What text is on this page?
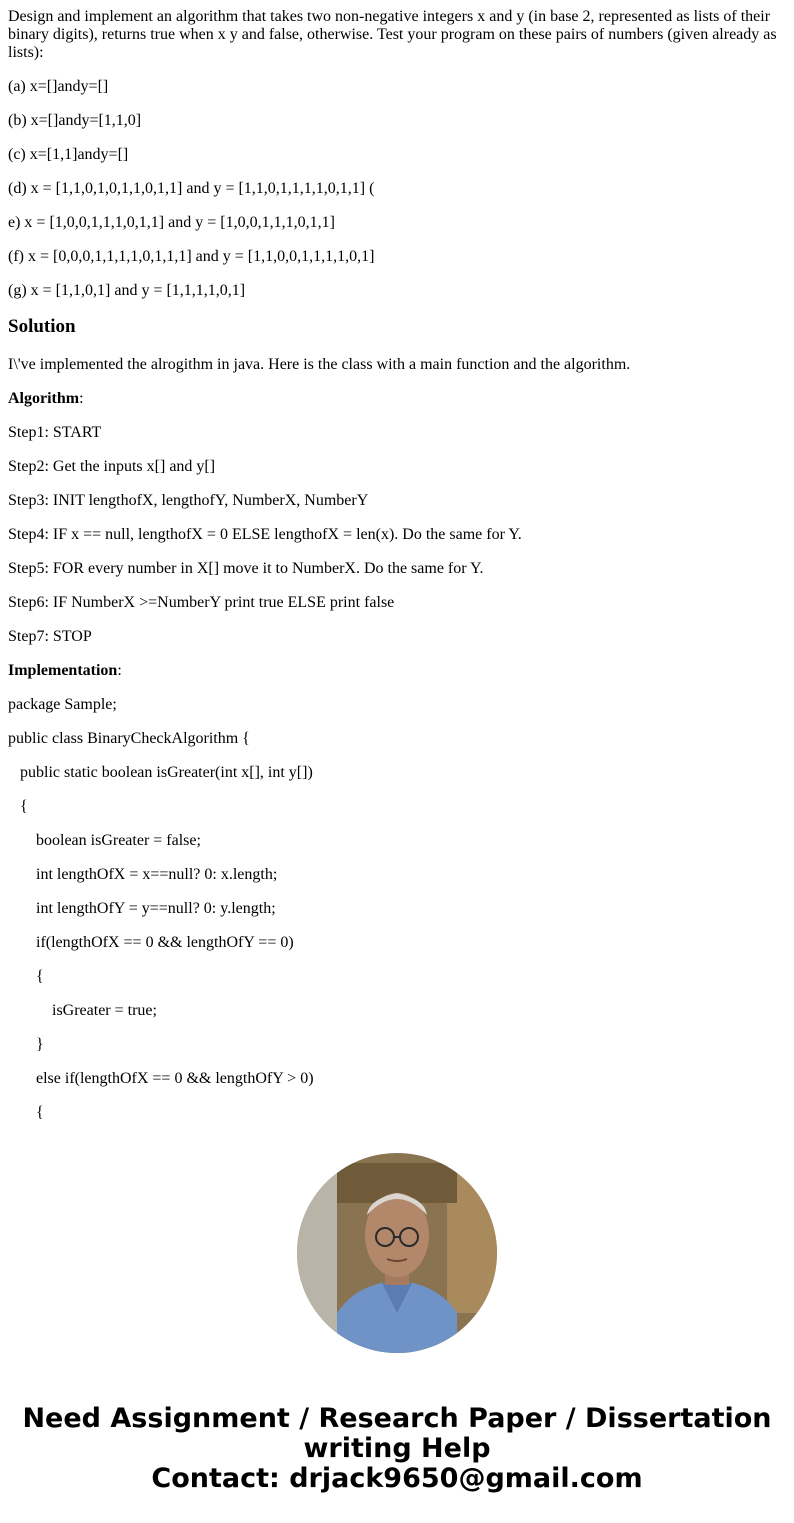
Design and implement an algorithm that takes two non-negative integers x and y (in base 2, represented as lists of their binary digits), returns true when x y and false, otherwise. Test your program on these pairs of numbers (given already as lists):

(a) x=[]andy=[]

(b) x=[]andy=[1,1,0]

(c) x=[1,1]andy=[]

(d) x = [1,1,0,1,0,1,1,0,1,1] and y = [1,1,0,1,1,1,1,0,1,1] (

e) x = [1,0,0,1,1,1,0,1,1] and y = [1,0,0,1,1,1,0,1,1]

(f) x = [0,0,0,1,1,1,1,0,1,1,1] and y = [1,1,0,0,1,1,1,1,0,1]

(g) x = [1,1,0,1] and y = [1,1,1,1,0,1]

Solution

I\'ve implemented the alrogithm in java. Here is the class with a main function and the algorithm.

Algorithm:

Step1: START

Step2: Get the inputs x[] and y[]

Step3: INIT lengthofX, lengthofY, NumberX, NumberY

Step4: IF x == null, lengthofX = 0 ELSE lengthofX = len(x). Do the same for Y.

Step5: FOR every number in X[] move it to NumberX. Do the same for Y.

Step6: IF NumberX >=NumberY print true ELSE print false

Step7: STOP

Implementation:

package Sample;

public class BinaryCheckAlgorithm {

public static boolean isGreater(int x[], int y[])

{

boolean isGreater = false;

int lengthOfX = x==null? 0: x.length;

int lengthOfY = y==null? 0: y.length;

if(lengthOfX == 0 && lengthOfY == 0)

{

isGreater = true;

}

else if(lengthOfX == 0 && lengthOfY > 0)

{

Need Assignment / Research Paper / Dissertation
writing Help
Contact: drjack9650@gmail.com
